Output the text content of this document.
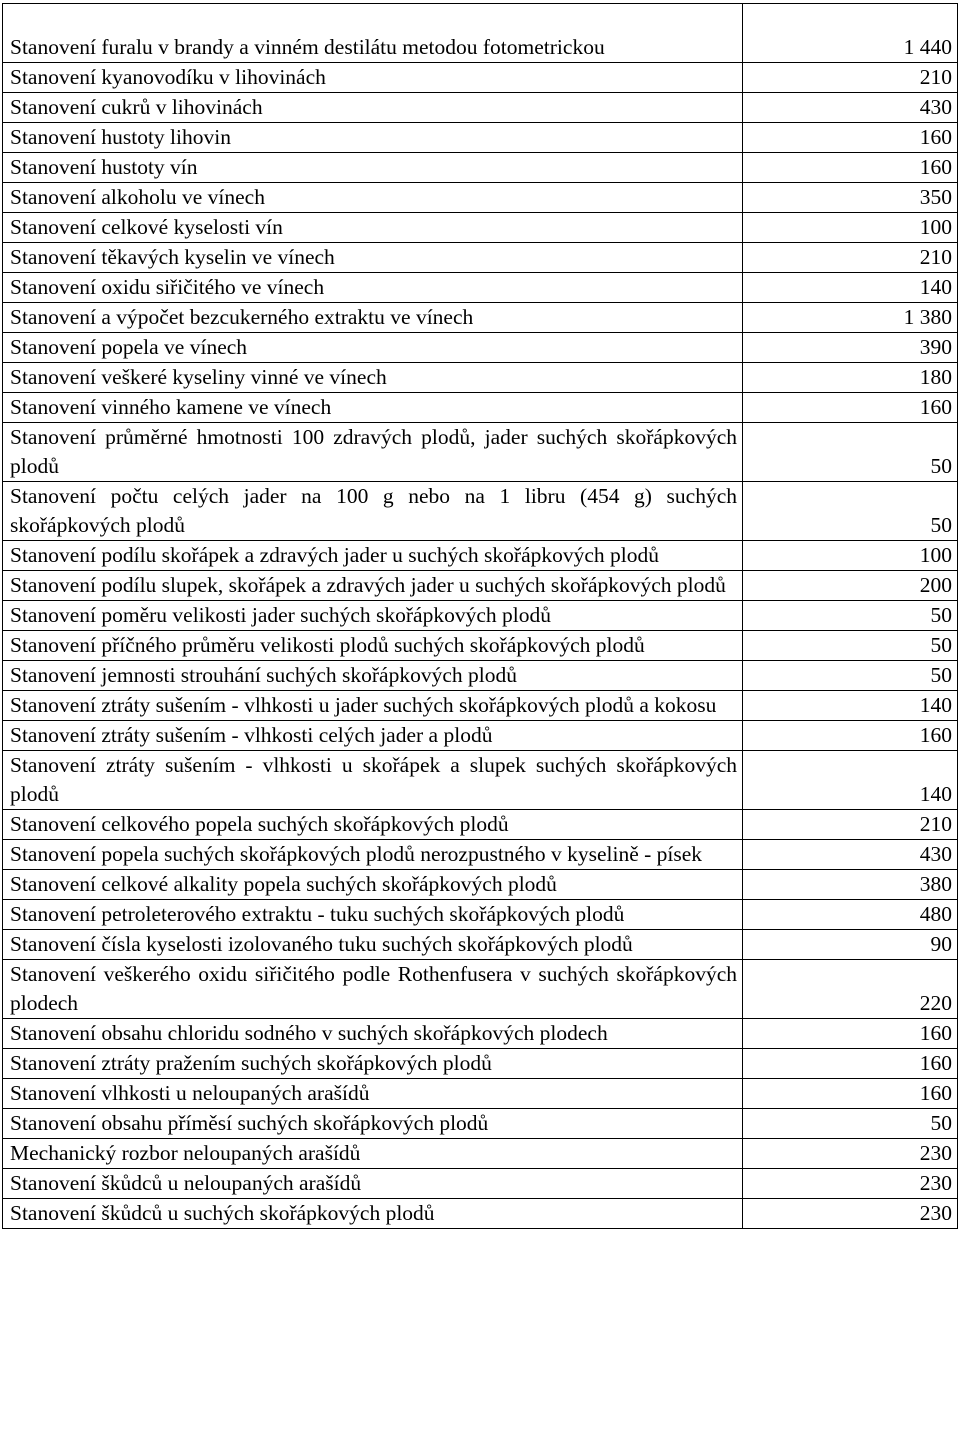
Stanovení furalu v brandy a vinném destilátu metodou fotometrickou	1 440
Stanovení kyanovodíku v lihovinách	210
Stanovení cukrů v lihovinách	430
Stanovení hustoty lihovin	160
Stanovení hustoty vín	160
Stanovení alkoholu ve vínech	350
Stanovení celkové kyselosti vín	100
Stanovení těkavých kyselin ve vínech	210
Stanovení oxidu siřičitého ve vínech	140
Stanovení a výpočet bezcukerného extraktu ve vínech	1 380
Stanovení popela ve vínech	390
Stanovení veškeré kyseliny vinné ve vínech	180
Stanovení vinného kamene ve vínech	160
Stanovení průměrné hmotnosti 100 zdravých plodů, jader suchých skořápkových plodů	50
Stanovení počtu celých jader na 100 g nebo na 1 libru (454 g) suchých skořápkových plodů	50
Stanovení podílu skořápek a zdravých jader u suchých skořápkových plodů	100
Stanovení podílu slupek, skořápek a zdravých jader u suchých skořápkových plodů	200
Stanovení poměru velikosti jader suchých skořápkových plodů	50
Stanovení příčného průměru velikosti plodů suchých skořápkových plodů	50
Stanovení jemnosti strouhání suchých skořápkových plodů	50
Stanovení ztráty sušením - vlhkosti u jader suchých skořápkových plodů a kokosu	140
Stanovení ztráty sušením - vlhkosti celých jader a plodů	160
Stanovení ztráty sušením - vlhkosti u skořápek a slupek suchých skořápkových plodů	140
Stanovení celkového popela suchých skořápkových plodů	210
Stanovení popela suchých skořápkových plodů nerozpustného v kyselině - písek	430
Stanovení celkové alkality popela suchých skořápkových plodů	380
Stanovení petroleterového extraktu - tuku suchých skořápkových plodů	480
Stanovení čísla kyselosti izolovaného tuku suchých skořápkových plodů	90
Stanovení veškerého oxidu siřičitého podle Rothenfusera v suchých skořápkových plodech	220
Stanovení obsahu chloridu sodného v suchých skořápkových plodech	160
Stanovení ztráty pražením suchých skořápkových plodů	160
Stanovení vlhkosti u neloupaných arašídů	160
Stanovení obsahu příměsí suchých skořápkových plodů	50
Mechanický rozbor neloupaných arašídů	230
Stanovení škůdců u neloupaných arašídů	230
Stanovení škůdců u suchých skořápkových plodů	230
